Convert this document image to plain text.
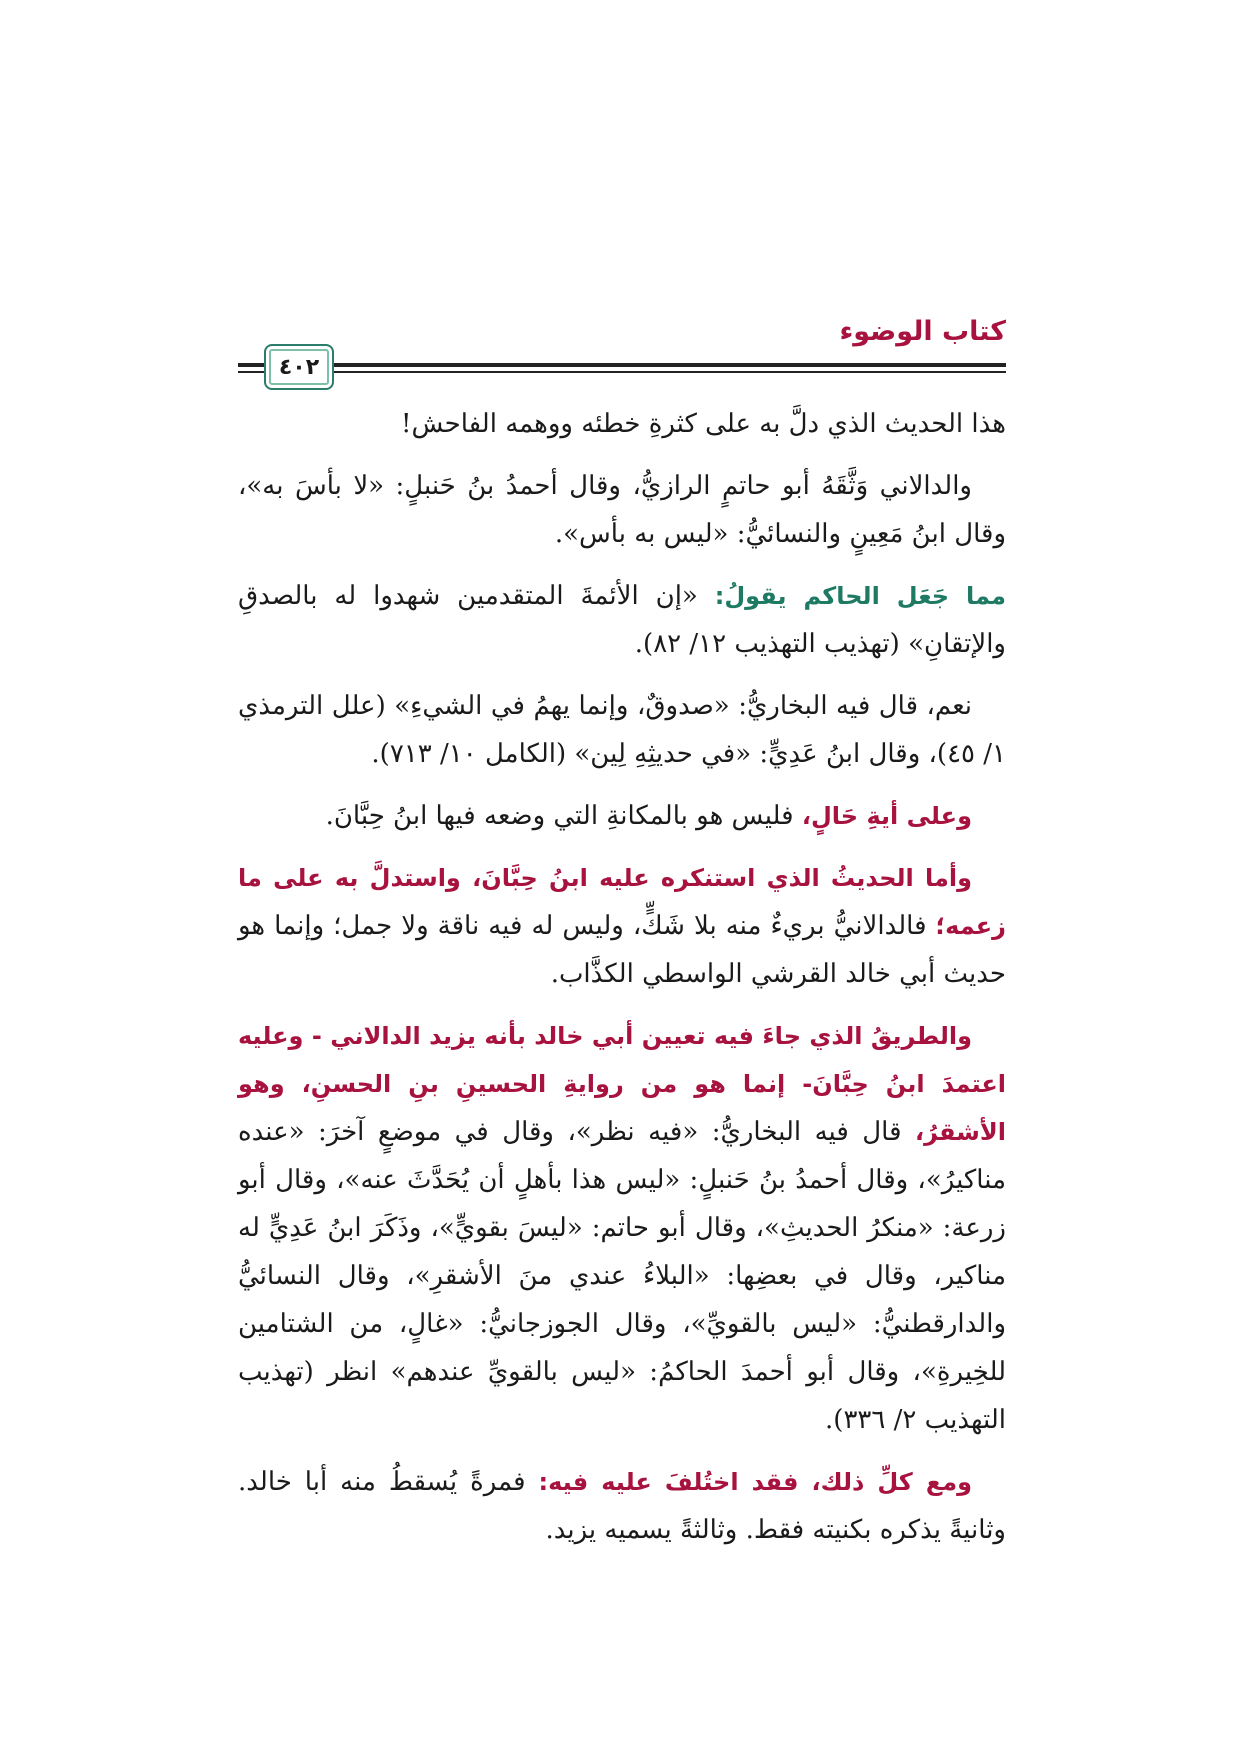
كتاب الوضوء
٤٠٢

هذا الحديث الذي دلَّ به على كثرةِ خطئه ووهمه الفاحش!

والدالاني وَثَّقَهُ أبو حاتمٍ الرازيُّ، وقال أحمدُ بنُ حَنبلٍ: «لا بأسَ به»، وقال ابنُ مَعِينٍ والنسائيُّ: «ليس به بأس».

مما جَعَل الحاكم يقولُ: «إن الأئمةَ المتقدمين شهدوا له بالصدقِ والإتقانِ» (تهذيب التهذيب ١٢/ ٨٢).

نعم، قال فيه البخاريُّ: «صدوقٌ، وإنما يهمُ في الشيءِ» (علل الترمذي ١/ ٤٥)، وقال ابنُ عَدِيٍّ: «في حديثِهِ لِين» (الكامل ١٠/ ٧١٣).

وعلى أيةِ حَالٍ، فليس هو بالمكانةِ التي وضعه فيها ابنُ حِبَّانَ.

وأما الحديثُ الذي استنكره عليه ابنُ حِبَّانَ، واستدلَّ به على ما زعمه؛ فالدالانيُّ بريءٌ منه بلا شَكٍّ، وليس له فيه ناقة ولا جمل؛ وإنما هو حديث أبي خالد القرشي الواسطي الكذَّاب.

والطريقُ الذي جاءَ فيه تعيين أبي خالد بأنه يزيد الدالاني - وعليه اعتمدَ ابنُ حِبَّانَ- إنما هو من روايةِ الحسينِ بنِ الحسنِ، وهو الأشقرُ، قال فيه البخاريُّ: «فيه نظر»، وقال في موضعٍ آخرَ: «عنده مناكيرُ»، وقال أحمدُ بنُ حَنبلٍ: «ليس هذا بأهلٍ أن يُحَدَّثَ عنه»، وقال أبو زرعة: «منكرُ الحديثِ»، وقال أبو حاتم: «ليسَ بقويٍّ»، وذَكَرَ ابنُ عَدِيٍّ له مناكير، وقال في بعضِها: «البلاءُ عندي منَ الأشقرِ»، وقال النسائيُّ والدارقطنيُّ: «ليس بالقويِّ»، وقال الجوزجانيُّ: «غالٍ، من الشتامين للخِيرةِ»، وقال أبو أحمدَ الحاكمُ: «ليس بالقويِّ عندهم» انظر (تهذيب التهذيب ٢/ ٣٣٦).

ومع كلِّ ذلك، فقد اختُلفَ عليه فيه: فمرةً يُسقطُ منه أبا خالد. وثانيةً يذكره بكنيته فقط. وثالثةً يسميه يزيد.
